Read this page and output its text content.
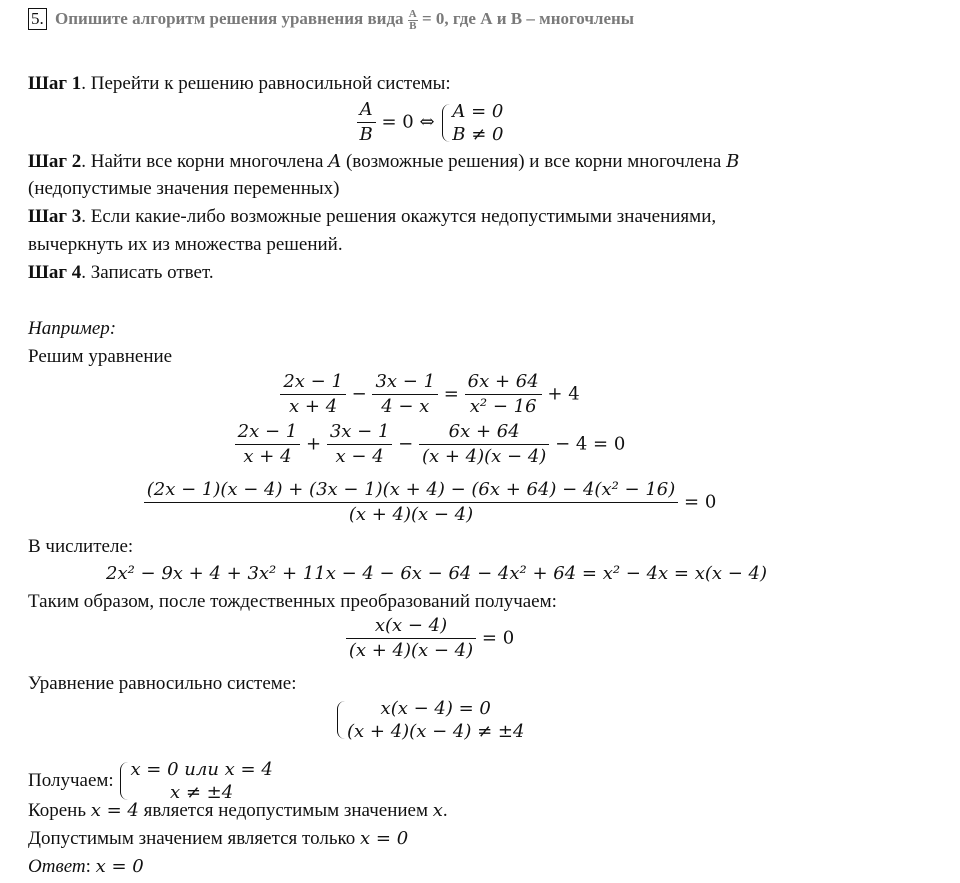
5. Опишите алгоритм решения уравнения вида $\frac{A}{B} = 0$, где А и В – многочлены
Шаг 1. Перейти к решению равносильной системы:
$\frac{A}{B} = 0$ ⇔
A = 0
B ≠ 0
Шаг 2. Найти все корни многочлена A (возможные решения) и все корни многочлена B
(недопустимые значения переменных)
Шаг 3. Если какие-либо возможные решения окажутся недопустимыми значениями,
вычеркнуть их из множества решений.
Шаг 4. Записать ответ.
Например:
Решим уравнение
$\frac{2x - 1}{x + 4} - \frac{3x - 1}{4 - x} = \frac{6x + 64}{\text{x² − 16}} + 4$
$\frac{2x - 1}{x + 4} + \frac{3x - 1}{x - 4} - \frac{6x + 64}{(x + 4)(x - 4)} - 4 = 0$
$\frac{\text{(2x − 1)(x − 4) + (3x − 1)(x + 4) − (6x + 64) − 4(x² − 16)}}{(x + 4)(x - 4)} = 0$
В числителе:
2x² − 9x + 4 + 3x² + 11x − 4 − 6x − 64 − 4x² + 64 = x² − 4x = x(x − 4)
Таким образом, после тождественных преобразований получаем:
$\frac{x(x - 4)}{(x + 4)(x - 4)} = 0$
Уравнение равносильно системе:
x(x − 4) = 0
(x + 4)(x − 4) ≠ ±4
Получаем:
x = 0 или x = 4
x ≠ ±4
Корень x = 4 является недопустимым значением x.
Допустимым значением является только x = 0
Ответ: x = 0
